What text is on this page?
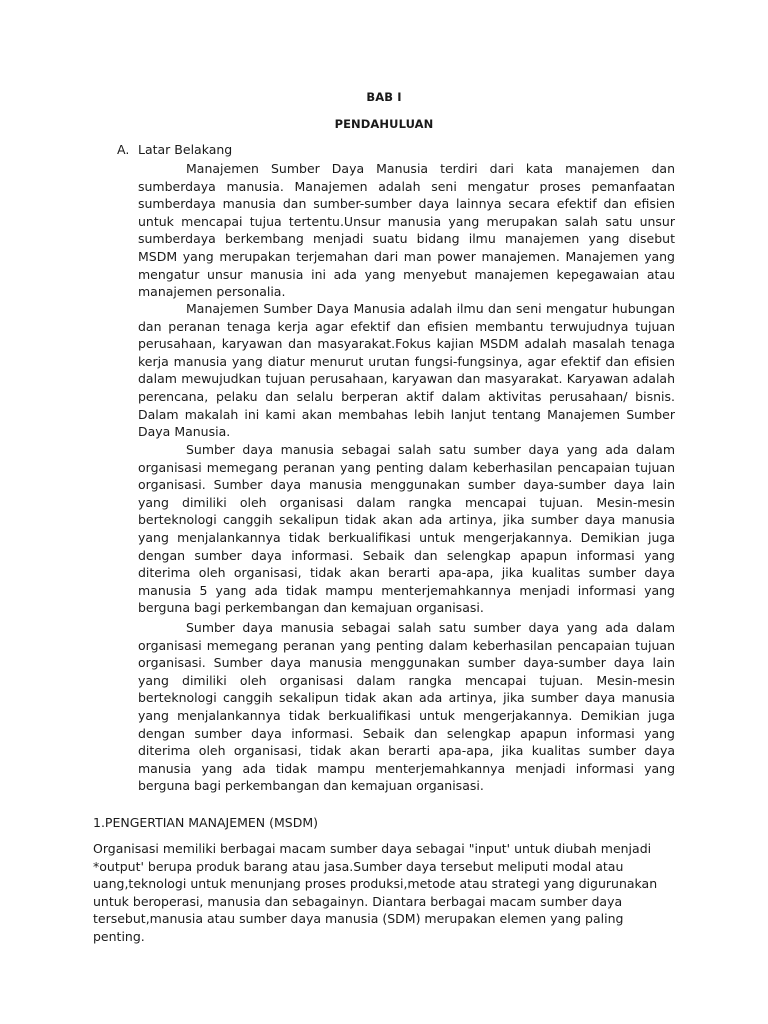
BAB I
PENDAHULUAN
A. Latar Belakang

Manajemen Sumber Daya Manusia terdiri dari kata manajemen dan sumberdaya manusia. Manajemen adalah seni mengatur proses pemanfaatan sumberdaya manusia dan sumber-sumber daya lainnya secara efektif dan efisien untuk mencapai tujua tertentu.Unsur manusia yang merupakan salah satu unsur sumberdaya berkembang menjadi suatu bidang ilmu manajemen yang disebut MSDM yang merupakan terjemahan dari man power manajemen. Manajemen yang mengatur unsur manusia ini ada yang menyebut manajemen kepegawaian atau manajemen personalia.

Manajemen Sumber Daya Manusia adalah ilmu dan seni mengatur hubungan dan peranan tenaga kerja agar efektif dan efisien membantu terwujudnya tujuan perusahaan, karyawan dan masyarakat.Fokus kajian MSDM adalah masalah tenaga kerja manusia yang diatur menurut urutan fungsi-fungsinya, agar efektif dan efisien dalam mewujudkan tujuan perusahaan, karyawan dan masyarakat. Karyawan adalah perencana, pelaku dan selalu berperan aktif dalam aktivitas perusahaan/ bisnis. Dalam makalah ini kami akan membahas lebih lanjut tentang Manajemen Sumber Daya Manusia.

Sumber daya manusia sebagai salah satu sumber daya yang ada dalam organisasi memegang peranan yang penting dalam keberhasilan pencapaian tujuan organisasi. Sumber daya manusia menggunakan sumber daya-sumber daya lain yang dimiliki oleh organisasi dalam rangka mencapai tujuan. Mesin-mesin berteknologi canggih sekalipun tidak akan ada artinya, jika sumber daya manusia yang menjalankannya tidak berkualifikasi untuk mengerjakannya. Demikian juga dengan sumber daya informasi. Sebaik dan selengkap apapun informasi yang diterima oleh organisasi, tidak akan berarti apa-apa, jika kualitas sumber daya manusia 5 yang ada tidak mampu menterjemahkannya menjadi informasi yang berguna bagi perkembangan dan kemajuan organisasi.

Sumber daya manusia sebagai salah satu sumber daya yang ada dalam organisasi memegang peranan yang penting dalam keberhasilan pencapaian tujuan organisasi. Sumber daya manusia menggunakan sumber daya-sumber daya lain yang dimiliki oleh organisasi dalam rangka mencapai tujuan. Mesin-mesin berteknologi canggih sekalipun tidak akan ada artinya, jika sumber daya manusia yang menjalankannya tidak berkualifikasi untuk mengerjakannya. Demikian juga dengan sumber daya informasi. Sebaik dan selengkap apapun informasi yang diterima oleh organisasi, tidak akan berarti apa-apa, jika kualitas sumber daya manusia yang ada tidak mampu menterjemahkannya menjadi informasi yang berguna bagi perkembangan dan kemajuan organisasi.

1.PENGERTIAN MANAJEMEN (MSDM)

Organisasi memiliki berbagai macam sumber daya sebagai "input' untuk diubah menjadi *output' berupa produk barang atau jasa.Sumber daya tersebut meliputi modal atau uang,teknologi untuk menunjang proses produksi,metode atau strategi yang digurunakan untuk beroperasi, manusia dan sebagainyn. Diantara berbagai macam sumber daya tersebut,manusia atau sumber daya manusia (SDM) merupakan elemen yang paling penting.
